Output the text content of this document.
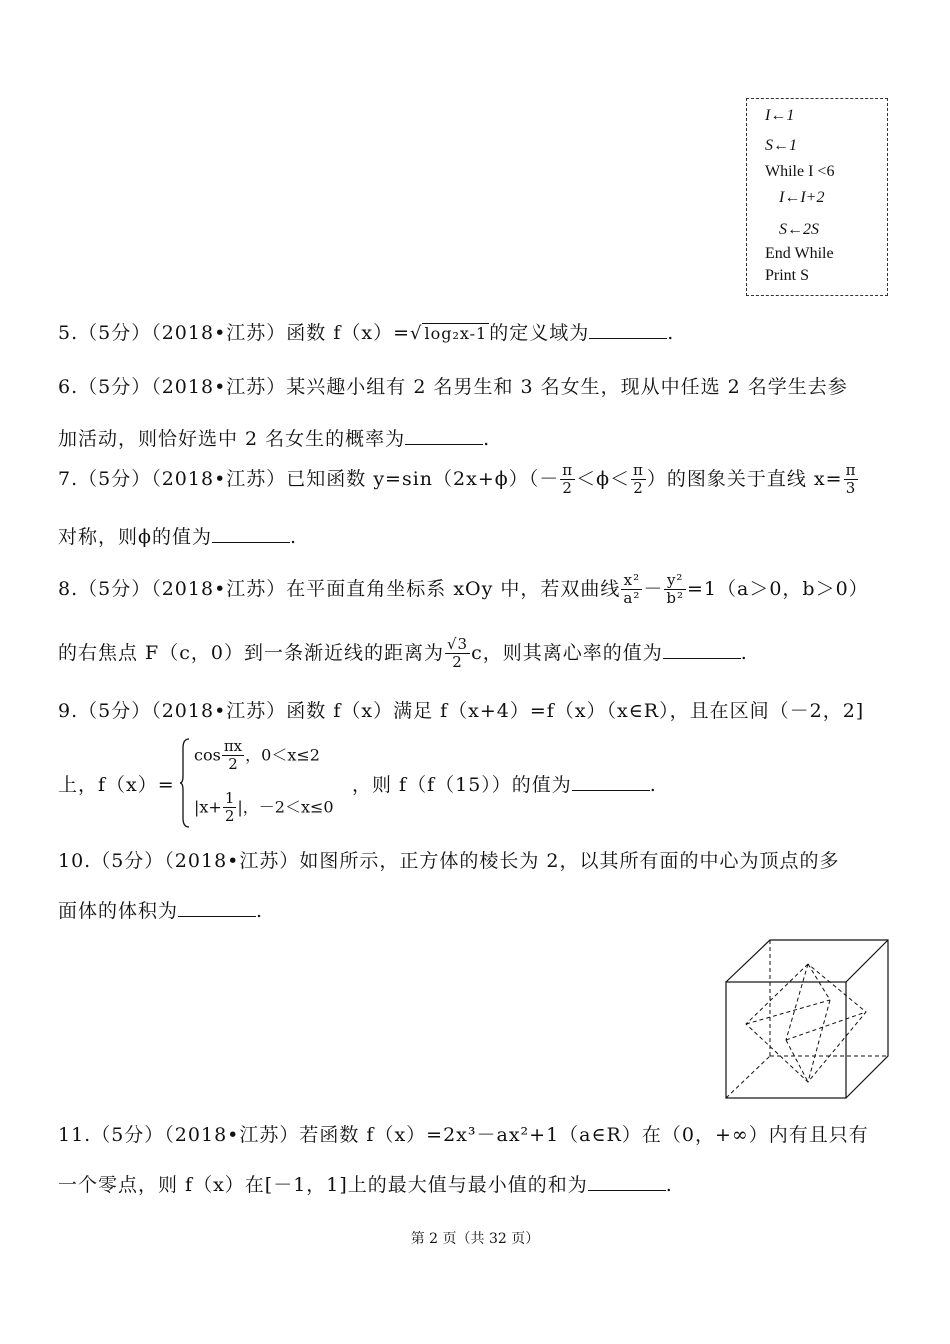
I←1
S←1
While I <6
I←I+2
S←2S
End While
Print S
5.（5分）（2018•江苏）函数 f（x）=√ log₂x-1 的定义域为	.
6.（5分）（2018•江苏）某兴趣小组有 2 名男生和 3 名女生，现从中任选 2 名学生去参
加活动，则恰好选中 2 名女生的概率为	.
7.（5分）（2018•江苏）已知函数 $y=\sin(2x+\phi)(- \frac{\pi}{2} <\phi< \frac{\pi}{2}$ ）的图象关于直线 $x= \frac{\pi}{3}$
对称，则ϕ的值为	.
8.（5分）（2018•江苏）在平面直角坐标系 xOy 中，若双曲线 $\frac{\text{x²}}{\text{a²}} - \frac{\text{y²}}{\text{b²}} =1(a>0$，b＞0）
的右焦点 F（c，0）到一条渐近线的距离为 $\frac{√3}{2}$ c，则其离心率的值为	.
9.（5分）（2018•江苏）函数 f（x）满足 f（x+4）=f（x）（x∈R），且在区间（－2，2]
上，f（x）=
$\cos \frac{\pi x}{2}$ ，0＜x≤2
$|x+ \frac{1}{2}$ |，－2＜x≤0
，则 f（f（15））的值为	.
10.（5分）（2018•江苏）如图所示，正方体的棱长为 2，以其所有面的中心为顶点的多
面体的体积为	.
11.（5分）（2018•江苏）若函数 f（x）=2x³－ax²+1（a∈R）在（0，+∞）内有且只有
一个零点，则 f（x）在[－1，1]上的最大值与最小值的和为	.
第 2 页（共 32 页）
